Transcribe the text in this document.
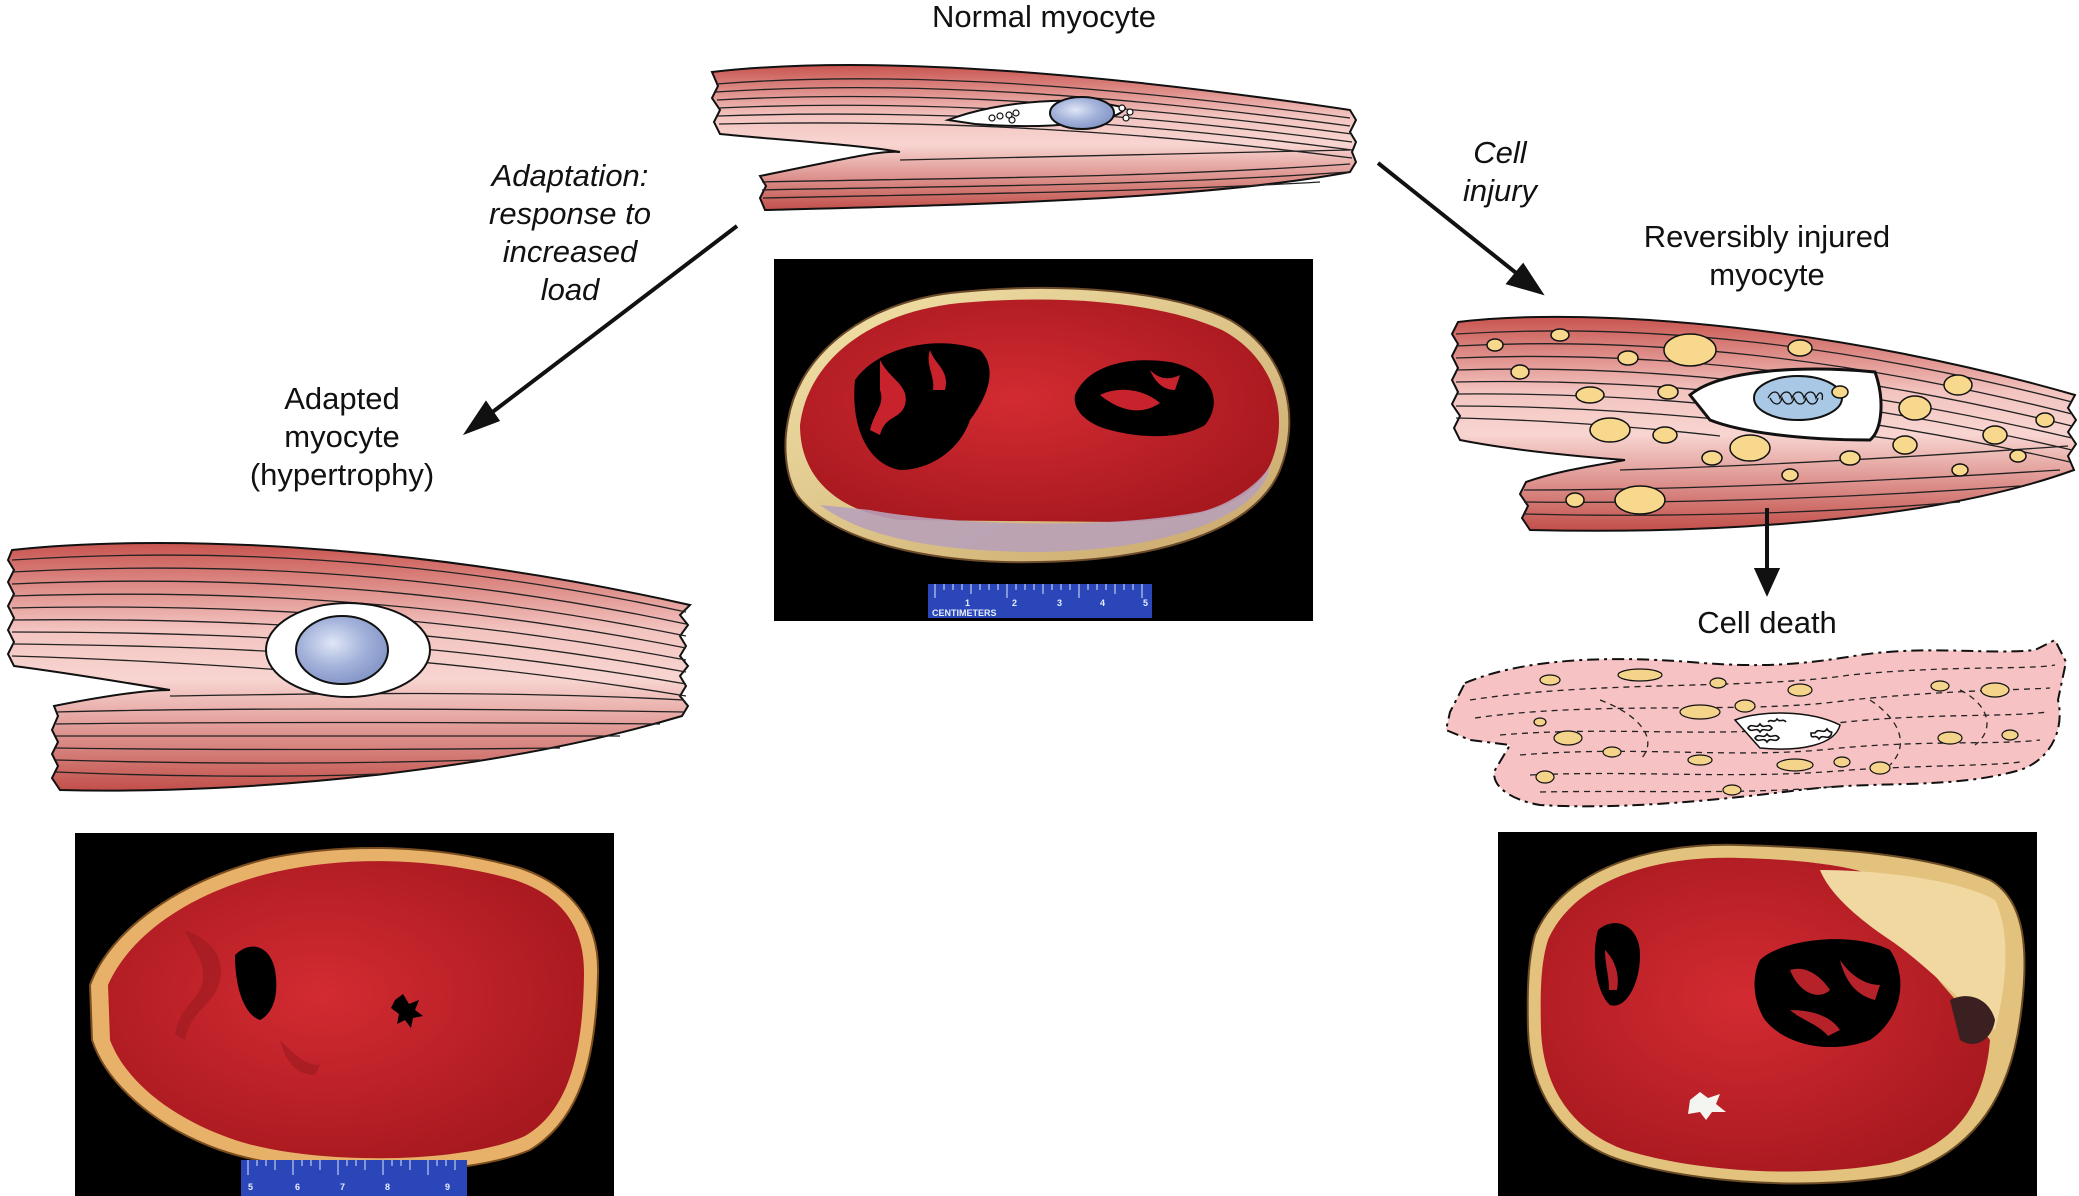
1	2	3	4	5
CENTIMETERS
5	6	7	8	9
Normal myocyte
Adaptation:
response to
increased
load
Adapted
myocyte
(hypertrophy)
Cell
injury
Reversibly injured
myocyte
Cell death
